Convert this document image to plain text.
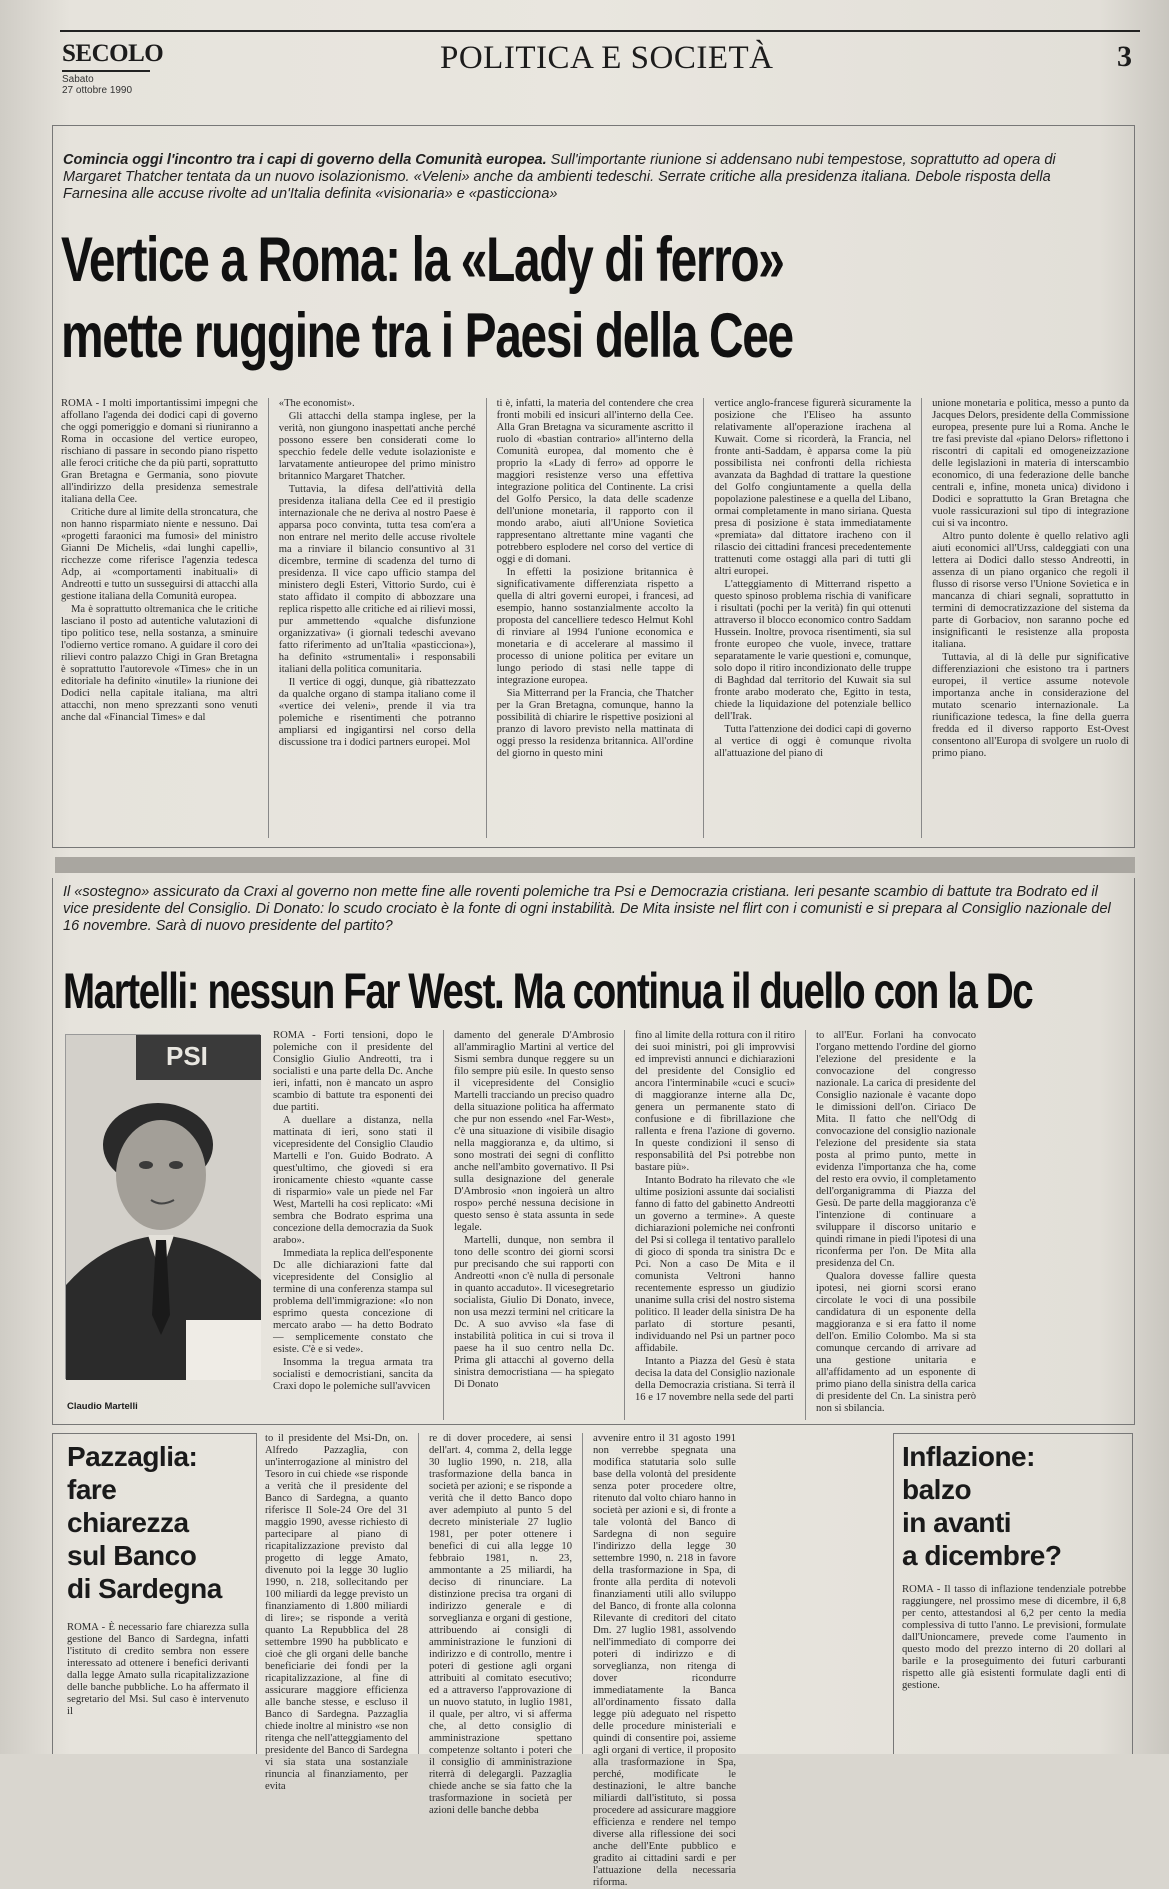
SECOLO
Sabato
27 ottobre 1990
POLITICA E SOCIETÀ	3
Comincia oggi l'incontro tra i capi di governo della Comunità europea. Sull'importante riunione si addensano nubi tempestose, soprattutto ad opera di Margaret Thatcher tentata da un nuovo isolazionismo. «Veleni» anche da ambienti tedeschi. Serrate critiche alla presidenza italiana. Debole risposta della Farnesina alle accuse rivolte ad un'Italia definita «visionaria» e «pasticciona»
Vertice a Roma: la «Lady di ferro»
mette ruggine tra i Paesi della Cee

ROMA - I molti importantissimi impegni che affollano l'agenda dei dodici capi di governo che oggi pomeriggio e domani si riuniranno a Roma in occasione del vertice europeo, rischiano di passare in secondo piano rispetto alle feroci critiche che da più parti, soprattutto Gran Bretagna e Germania, sono piovute all'indirizzo della presidenza semestrale italiana della Cee.

Critiche dure al limite della stroncatura, che non hanno risparmiato niente e nessuno. Dai «progetti faraonici ma fumosi» del ministro Gianni De Michelis, «dai lunghi capelli», ricchezze come riferisce l'agenzia tedesca Adp, ai «comportamenti inabituali» di Andreotti e tutto un susseguirsi di attacchi alla gestione italiana della Comunità europea.

Ma è soprattutto oltremanica che le critiche lasciano il posto ad autentiche valutazioni di tipo politico tese, nella sostanza, a sminuire l'odierno vertice romano. A guidare il coro dei rilievi contro palazzo Chigi in Gran Bretagna è soprattutto l'autorevole «Times» che in un editoriale ha definito «inutile» la riunione dei Dodici nella capitale italiana, ma altri attacchi, non meno sprezzanti sono venuti anche dal «Financial Times» e dal

«The economist».

Gli attacchi della stampa inglese, per la verità, non giungono inaspettati anche perché possono essere ben considerati come lo specchio fedele delle vedute isolazioniste e larvatamente antieuropee del primo ministro britannico Margaret Thatcher.

Tuttavia, la difesa dell'attività della presidenza italiana della Cee ed il prestigio internazionale che ne deriva al nostro Paese è apparsa poco convinta, tutta tesa com'era a non entrare nel merito delle accuse rivoltele ma a rinviare il bilancio consuntivo al 31 dicembre, termine di scadenza del turno di presidenza. Il vice capo ufficio stampa del ministero degli Esteri, Vittorio Surdo, cui è stato affidato il compito di abbozzare una replica rispetto alle critiche ed ai rilievi mossi, pur ammettendo «qualche disfunzione organizzativa» (i giornali tedeschi avevano fatto riferimento ad un'Italia «pasticciona»), ha definito «strumentali» i responsabili italiani della politica comunitaria.

Il vertice di oggi, dunque, già ribattezzato da qualche organo di stampa italiano come il «vertice dei veleni», prende il via tra polemiche e risentimenti che potranno ampliarsi ed ingigantirsi nel corso della discussione tra i dodici partners europei. Mol

ti è, infatti, la materia del contendere che crea fronti mobili ed insicuri all'interno della Cee. Alla Gran Bretagna va sicuramente ascritto il ruolo di «bastian contrario» all'interno della Comunità europea, dal momento che è proprio la «Lady di ferro» ad opporre le maggiori resistenze verso una effettiva integrazione politica del Continente. La crisi del Golfo Persico, la data delle scadenze dell'unione monetaria, il rapporto con il mondo arabo, aiuti all'Unione Sovietica rappresentano altrettante mine vaganti che potrebbero esplodere nel corso del vertice di oggi e di domani.

In effetti la posizione britannica è significativamente differenziata rispetto a quella di altri governi europei, i francesi, ad esempio, hanno sostanzialmente accolto la proposta del cancelliere tedesco Helmut Kohl di rinviare al 1994 l'unione economica e monetaria e di accelerare al massimo il processo di unione politica per evitare un lungo periodo di stasi nelle tappe di integrazione europea.

Sia Mitterrand per la Francia, che Thatcher per la Gran Bretagna, comunque, hanno la possibilità di chiarire le rispettive posizioni al pranzo di lavoro previsto nella mattinata di oggi presso la residenza britannica. All'ordine del giorno in questo mini

vertice anglo-francese figurerà sicuramente la posizione che l'Eliseo ha assunto relativamente all'operazione irachena al Kuwait. Come si ricorderà, la Francia, nel fronte anti-Saddam, è apparsa come la più possibilista nei confronti della richiesta avanzata da Baghdad di trattare la questione del Golfo congiuntamente a quella della popolazione palestinese e a quella del Libano, ormai completamente in mano siriana. Questa presa di posizione è stata immediatamente «premiata» dal dittatore iracheno con il rilascio dei cittadini francesi precedentemente trattenuti come ostaggi alla pari di tutti gli altri europei.

L'atteggiamento di Mitterrand rispetto a questo spinoso problema rischia di vanificare i risultati (pochi per la verità) fin qui ottenuti attraverso il blocco economico contro Saddam Hussein. Inoltre, provoca risentimenti, sia sul fronte europeo che vuole, invece, trattare separatamente le varie questioni e, comunque, solo dopo il ritiro incondizionato delle truppe di Baghdad dal territorio del Kuwait sia sul fronte arabo moderato che, Egitto in testa, chiede la liquidazione del potenziale bellico dell'Irak.

Tutta l'attenzione dei dodici capi di governo al vertice di oggi è comunque rivolta all'attuazione del piano di

unione monetaria e politica, messo a punto da Jacques Delors, presidente della Commissione europea, presente pure lui a Roma. Anche le tre fasi previste dal «piano Delors» riflettono i riscontri di capitali ed omogeneizzazione delle legislazioni in materia di interscambio economico, di una federazione delle banche centrali e, infine, moneta unica) dividono i Dodici e soprattutto la Gran Bretagna che vuole rassicurazioni sul tipo di integrazione cui si va incontro.

Altro punto dolente è quello relativo agli aiuti economici all'Urss, caldeggiati con una lettera ai Dodici dallo stesso Andreotti, in assenza di un piano organico che regoli il flusso di risorse verso l'Unione Sovietica e in mancanza di chiari segnali, soprattutto in termini di democratizzazione del sistema da parte di Gorbaciov, non saranno poche ed insignificanti le resistenze alla proposta italiana.

Tuttavia, al di là delle pur significative differenziazioni che esistono tra i partners europei, il vertice assume notevole importanza anche in considerazione del mutato scenario internazionale. La riunificazione tedesca, la fine della guerra fredda ed il diverso rapporto Est-Ovest consentono all'Europa di svolgere un ruolo di primo piano.

Il «sostegno» assicurato da Craxi al governo non mette fine alle roventi polemiche tra Psi e Democrazia cristiana. Ieri pesante scambio di battute tra Bodrato ed il vice presidente del Consiglio. Di Donato: lo scudo crociato è la fonte di ogni instabilità. De Mita insiste nel flirt con i comunisti e si prepara al Consiglio nazionale del 16 novembre. Sarà di nuovo presidente del partito?
Martelli: nessun Far West. Ma continua il duello con la Dc
PSI
Claudio Martelli

ROMA - Forti tensioni, dopo le polemiche con il presidente del Consiglio Giulio Andreotti, tra i socialisti e una parte della Dc. Anche ieri, infatti, non è mancato un aspro scambio di battute tra esponenti dei due partiti.

A duellare a distanza, nella mattinata di ieri, sono stati il vicepresidente del Consiglio Claudio Martelli e l'on. Guido Bodrato. A quest'ultimo, che giovedì si era ironicamente chiesto «quante casse di risparmio» vale un piede nel Far West, Martelli ha così replicato: «Mi sembra che Bodrato esprima una concezione della democrazia da Suok arabo».

Immediata la replica dell'esponente Dc alle dichiarazioni fatte dal vicepresidente del Consiglio al termine di una conferenza stampa sul problema dell'immigrazione: «Io non esprimo questa concezione di mercato arabo — ha detto Bodrato — semplicemente constato che esiste. C'è e si vede».

Insomma la tregua armata tra socialisti e democristiani, sancita da Craxi dopo le polemiche sull'avvicen

damento del generale D'Ambrosio all'ammiraglio Martini al vertice del Sismi sembra dunque reggere su un filo sempre più esile. In questo senso il vicepresidente del Consiglio Martelli tracciando un preciso quadro della situazione politica ha affermato che pur non essendo «nel Far-West», c'è una situazione di visibile disagio nella maggioranza e, da ultimo, si sono mostrati dei segni di conflitto anche nell'ambito governativo. Il Psi sulla designazione del generale D'Ambrosio «non ingoierà un altro rospo» perché nessuna decisione in questo senso è stata assunta in sede legale.

Martelli, dunque, non sembra il tono delle scontro dei giorni scorsi pur precisando che sui rapporti con Andreotti «non c'è nulla di personale in quanto accaduto». Il vicesegretario socialista, Giulio Di Donato, invece, non usa mezzi termini nel criticare la Dc. A suo avviso «la fase di instabilità politica in cui si trova il paese ha il suo centro nella Dc. Prima gli attacchi al governo della sinistra democristiana — ha spiegato Di Donato

fino al limite della rottura con il ritiro dei suoi ministri, poi gli improvvisi ed imprevisti annunci e dichiarazioni del presidente del Consiglio ed ancora l'interminabile «cuci e scuci» di maggioranze interne alla Dc, genera un permanente stato di confusione e di fibrillazione che rallenta e frena l'azione di governo. In queste condizioni il senso di responsabilità del Psi potrebbe non bastare più».

Intanto Bodrato ha rilevato che «le ultime posizioni assunte dai socialisti fanno di fatto del gabinetto Andreotti un governo a termine». A queste dichiarazioni polemiche nei confronti del Psi si collega il tentativo parallelo di gioco di sponda tra sinistra Dc e Pci. Non a caso De Mita e il comunista Veltroni hanno recentemente espresso un giudizio unanime sulla crisi del nostro sistema politico. Il leader della sinistra De ha parlato di storture pesanti, individuando nel Psi un partner poco affidabile.

Intanto a Piazza del Gesù è stata decisa la data del Consiglio nazionale della Democrazia cristiana. Si terrà il 16 e 17 novembre nella sede del parti

to all'Eur. Forlani ha convocato l'organo mettendo l'ordine del giorno l'elezione del presidente e la convocazione del congresso nazionale. La carica di presidente del Consiglio nazionale è vacante dopo le dimissioni dell'on. Ciriaco De Mita. Il fatto che nell'Odg di convocazione del consiglio nazionale l'elezione del presidente sia stata posta al primo punto, mette in evidenza l'importanza che ha, come del resto era ovvio, il completamento dell'organigramma di Piazza del Gesù. De parte della maggioranza c'è l'intenzione di continuare a sviluppare il discorso unitario e quindi rimane in piedi l'ipotesi di una riconferma per l'on. De Mita alla presidenza del Cn.

Qualora dovesse fallire questa ipotesi, nei giorni scorsi erano circolate le voci di una possibile candidatura di un esponente della maggioranza e si era fatto il nome dell'on. Emilio Colombo. Ma si sta comunque cercando di arrivare ad una gestione unitaria e all'affidamento ad un esponente di primo piano della sinistra della carica di presidente del Cn. La sinistra però non si sbilancia.

Pazzaglia:
fare
chiarezza
sul Banco
di Sardegna

ROMA - È necessario fare chiarezza sulla gestione del Banco di Sardegna, infatti l'istituto di credito sembra non essere interessato ad ottenere i benefici derivanti dalla legge Amato sulla ricapitalizzazione delle banche pubbliche. Lo ha affermato il segretario del Msi. Sul caso è intervenuto il

to il presidente del Msi-Dn, on. Alfredo Pazzaglia, con un'interrogazione al ministro del Tesoro in cui chiede «se risponde a verità che il presidente del Banco di Sardegna, a quanto riferisce Il Sole-24 Ore del 31 maggio 1990, avesse richiesto di partecipare al piano di ricapitalizzazione previsto dal progetto di legge Amato, divenuto poi la legge 30 luglio 1990, n. 218, sollecitando per 100 miliardi da legge previsto un finanziamento di 1.800 miliardi di lire»; se risponde a verità quanto La Repubblica del 28 settembre 1990 ha pubblicato e cioè che gli organi delle banche beneficiarie dei fondi per la ricapitalizzazione, al fine di assicurare maggiore efficienza alle banche stesse, e escluso il Banco di Sardegna. Pazzaglia chiede inoltre al ministro «se non ritenga che nell'atteggiamento del presidente del Banco di Sardegna vi sia stata una sostanziale rinuncia al finanziamento, per evita

re di dover procedere, ai sensi dell'art. 4, comma 2, della legge 30 luglio 1990, n. 218, alla trasformazione della banca in società per azioni; e se risponde a verità che il detto Banco dopo aver adempiuto al punto 5 del decreto ministeriale 27 luglio 1981, per poter ottenere i benefici di cui alla legge 10 febbraio 1981, n. 23, ammontante a 25 miliardi, ha deciso di rinunciare. La distinzione precisa tra organi di indirizzo generale e di sorveglianza e organi di gestione, attribuendo ai consigli di amministrazione le funzioni di indirizzo e di controllo, mentre i poteri di gestione agli organi attribuiti al comitato esecutivo; ed a attraverso l'approvazione di un nuovo statuto, in luglio 1981, il quale, per altro, vi si afferma che, al detto consiglio di amministrazione spettano competenze soltanto i poteri che il consiglio di amministrazione riterrà di delegargli. Pazzaglia chiede anche se sia fatto che la trasformazione in società per azioni delle banche debba

avvenire entro il 31 agosto 1991 non verrebbe spegnata una modifica statutaria solo sulle base della volontà del presidente senza poter procedere oltre, ritenuto dal volto chiaro hanno in società per azioni e sì, di fronte a tale volontà del Banco di Sardegna di non seguire l'indirizzo della legge 30 settembre 1990, n. 218 in favore della trasformazione in Spa, di fronte alla perdita di notevoli finanziamenti utili allo sviluppo del Banco, di fronte alla colonna Rilevante di creditori del citato Dm. 27 luglio 1981, assolvendo nell'immediato di comporre dei poteri di indirizzo e di sorveglianza, non ritenga di dover ricondurre immediatamente la Banca all'ordinamento fissato dalla legge più adeguato nel rispetto delle procedure ministeriali e quindi di consentire poi, assieme agli organi di vertice, il proposito alla trasformazione in Spa, perché, modificate le destinazioni, le altre banche miliardi dall'istituto, si possa procedere ad assicurare maggiore efficienza e rendere nel tempo diverse alla riflessione dei soci anche dell'Ente pubblico e gradito ai cittadini sardi e per l'attuazione della necessaria riforma.

Inflazione:
balzo
in avanti
a dicembre?

ROMA - Il tasso di inflazione tendenziale potrebbe raggiungere, nel prossimo mese di dicembre, il 6,8 per cento, attestandosi al 6,2 per cento la media complessiva di tutto l'anno. Le previsioni, formulate dall'Unioncamere, prevede come l'aumento in questo modo del prezzo interno di 20 dollari al barile e la proseguimento dei futuri carburanti rispetto alle già esistenti formulate dagli enti di gestione.
